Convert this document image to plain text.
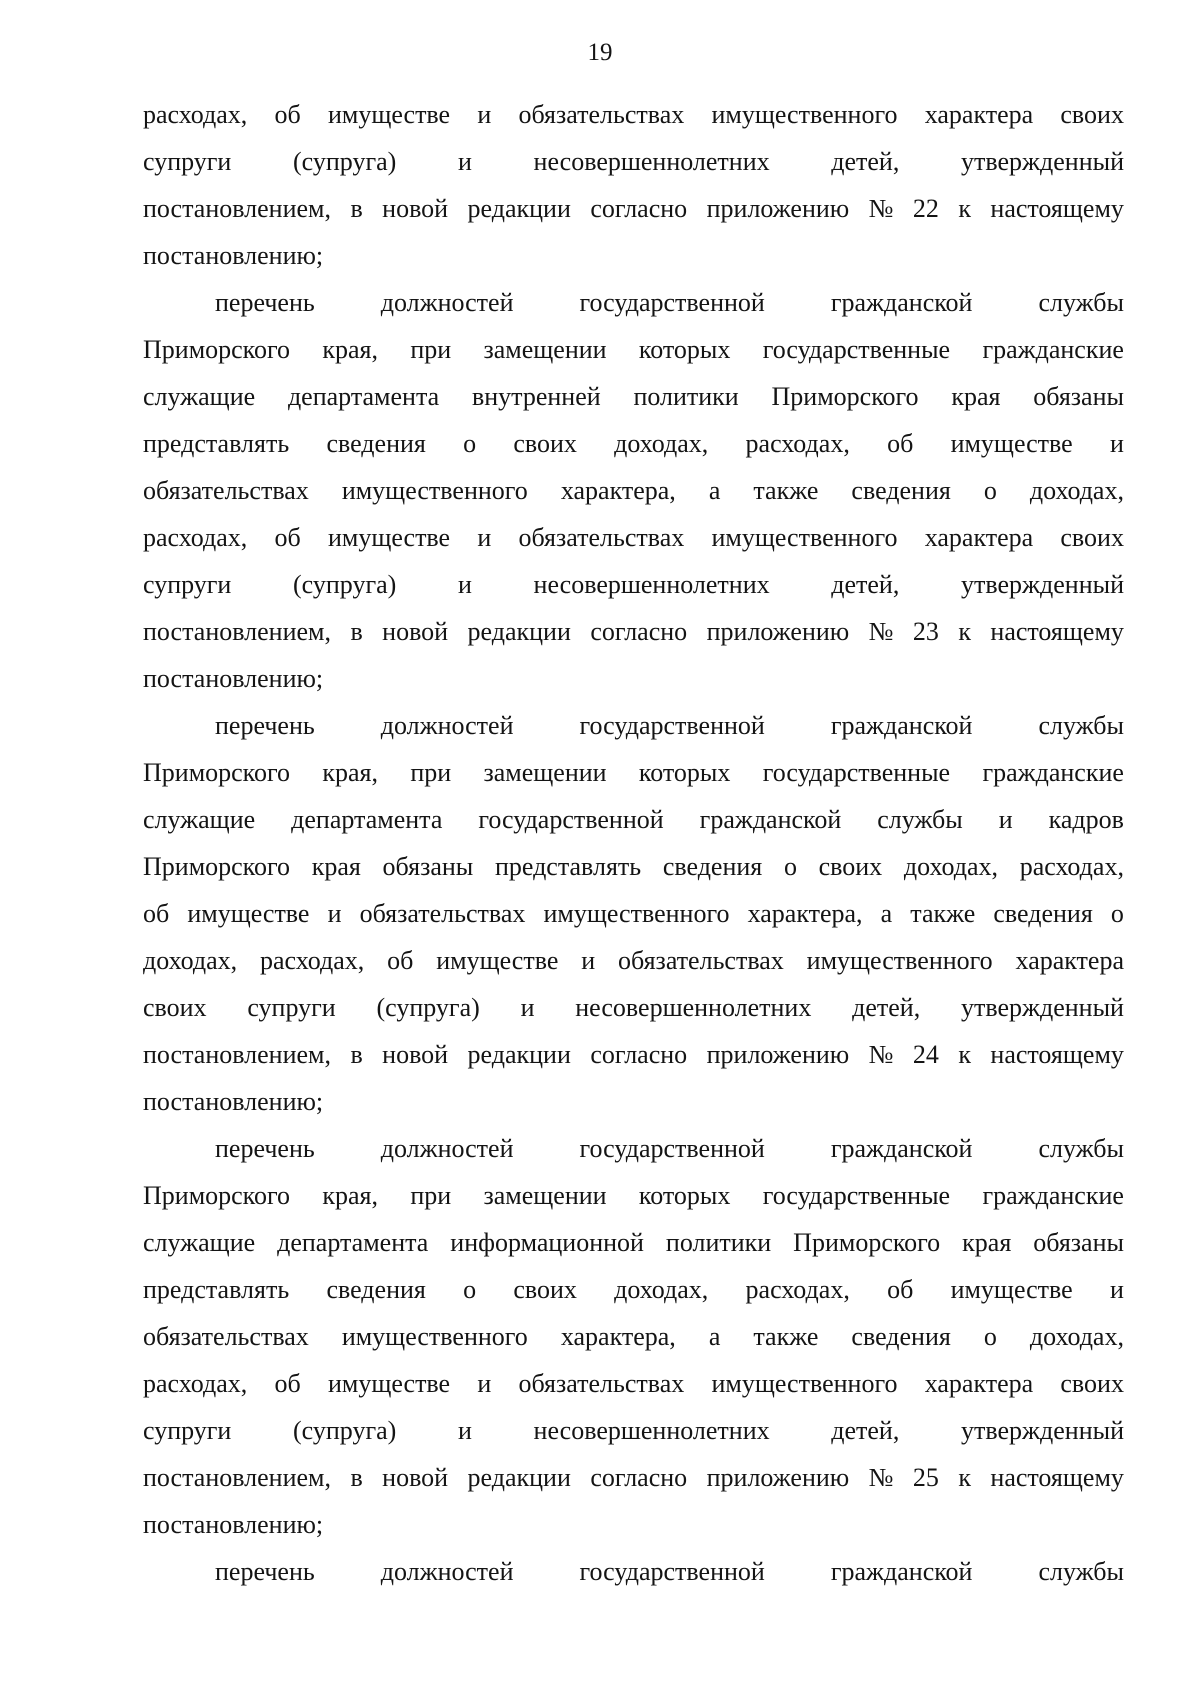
19
расходах, об имуществе и обязательствах имущественного характера своих
супруги (супруга) и несовершеннолетних детей, утвержденный
постановлением, в новой редакции согласно приложению № 22 к настоящему
постановлению;
перечень	должностей	государственной	гражданской	службы
Приморского края, при замещении которых государственные гражданские
служащие департамента внутренней политики Приморского края обязаны
представлять сведения о своих доходах, расходах, об имуществе и
обязательствах имущественного характера, а также сведения о доходах,
расходах, об имуществе и обязательствах имущественного характера своих
супруги (супруга) и несовершеннолетних детей, утвержденный
постановлением, в новой редакции согласно приложению № 23 к настоящему
постановлению;
перечень	должностей	государственной	гражданской	службы
Приморского края, при замещении которых государственные гражданские
служащие департамента государственной гражданской службы и кадров
Приморского края обязаны представлять сведения о своих доходах, расходах,
об имуществе и обязательствах имущественного характера, а также сведения о
доходах, расходах, об имуществе и обязательствах имущественного характера
своих супруги (супруга) и несовершеннолетних детей, утвержденный
постановлением, в новой редакции согласно приложению № 24 к настоящему
постановлению;
перечень	должностей	государственной	гражданской	службы
Приморского края, при замещении которых государственные гражданские
служащие департамента информационной политики Приморского края обязаны
представлять сведения о своих доходах, расходах, об имуществе и
обязательствах имущественного характера, а также сведения о доходах,
расходах, об имуществе и обязательствах имущественного характера своих
супруги (супруга) и несовершеннолетних детей, утвержденный
постановлением, в новой редакции согласно приложению № 25 к настоящему
постановлению;
перечень	должностей	государственной	гражданской	службы
